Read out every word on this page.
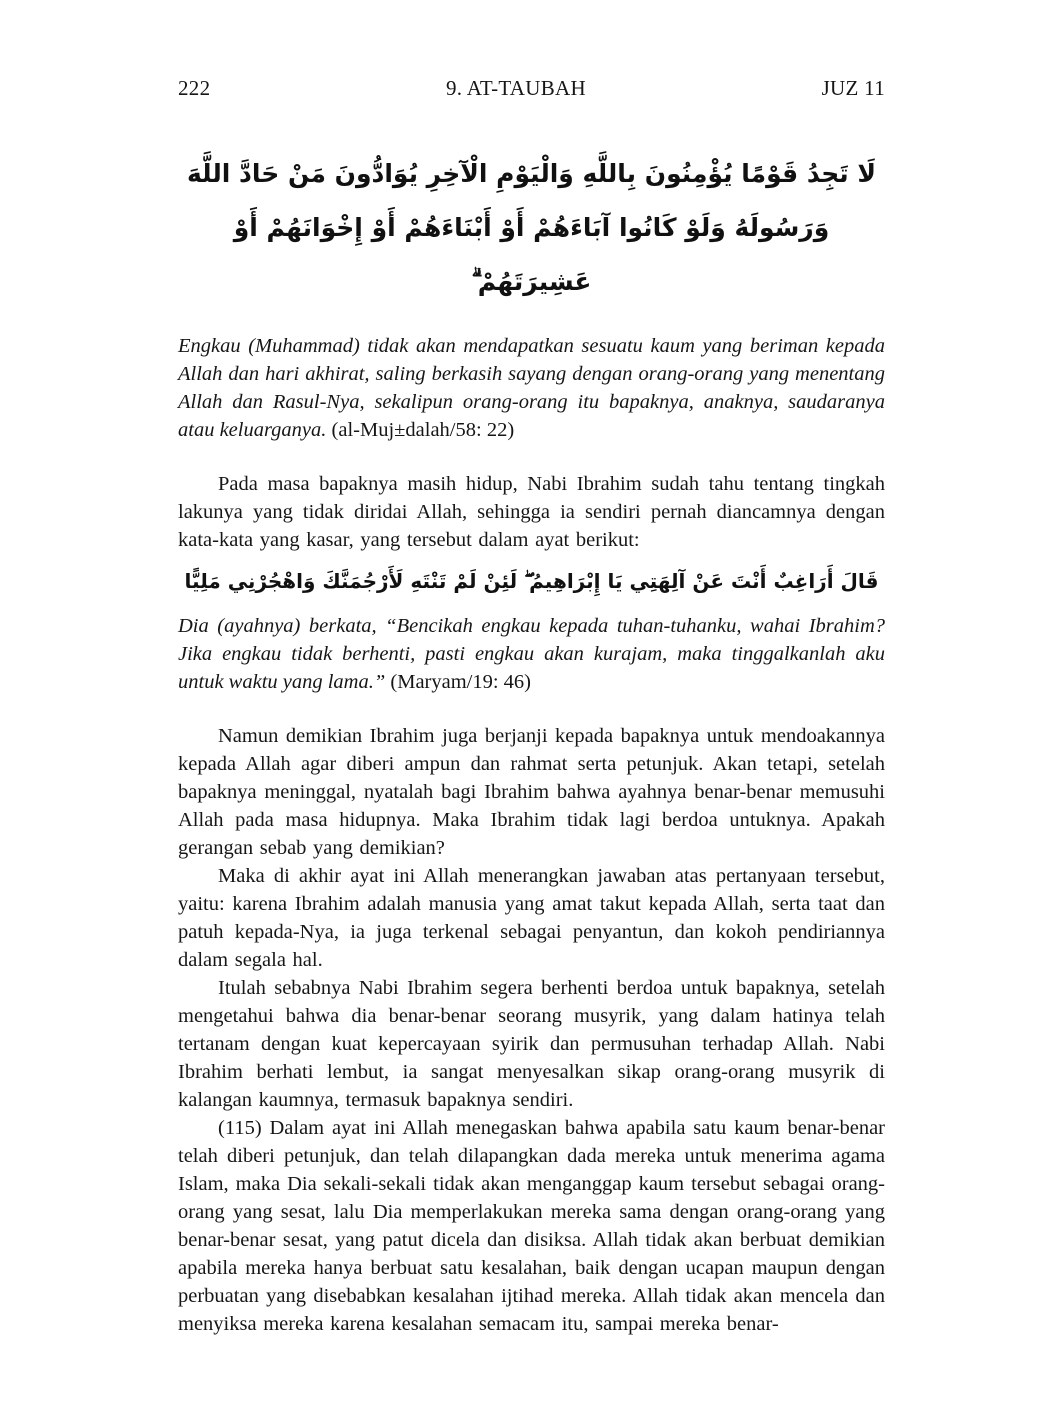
222	9. AT-TAUBAH	JUZ 11
لَا تَجِدُ قَوْمًا يُؤْمِنُونَ بِاللَّهِ وَالْيَوْمِ الْآخِرِ يُوَادُّونَ مَنْ حَادَّ اللَّهَ وَرَسُولَهُ وَلَوْ كَانُوا آبَاءَهُمْ أَوْ أَبْنَاءَهُمْ أَوْ إِخْوَانَهُمْ أَوْ عَشِيرَتَهُمْ ۗ

Engkau (Muhammad) tidak akan mendapatkan sesuatu kaum yang beriman kepada Allah dan hari akhirat, saling berkasih sayang dengan orang-orang yang menentang Allah dan Rasul-Nya, sekalipun orang-orang itu bapaknya, anaknya, saudaranya atau keluarganya. (al-Muj±dalah/58: 22)

Pada masa bapaknya masih hidup, Nabi Ibrahim sudah tahu tentang tingkah lakunya yang tidak diridai Allah, sehingga ia sendiri pernah diancamnya dengan kata-kata yang kasar, yang tersebut dalam ayat berikut:

قَالَ أَرَاغِبٌ أَنْتَ عَنْ آلِهَتِي يَا إِبْرَاهِيمُ ۖ لَئِنْ لَمْ تَنْتَهِ لَأَرْجُمَنَّكَ وَاهْجُرْنِي مَلِيًّا

Dia (ayahnya) berkata, “Bencikah engkau kepada tuhan-tuhanku, wahai Ibrahim? Jika engkau tidak berhenti, pasti engkau akan kurajam, maka tinggalkanlah aku untuk waktu yang lama.” (Maryam/19: 46)

Namun demikian Ibrahim juga berjanji kepada bapaknya untuk mendoakannya kepada Allah agar diberi ampun dan rahmat serta petunjuk. Akan tetapi, setelah bapaknya meninggal, nyatalah bagi Ibrahim bahwa ayahnya benar-benar memusuhi Allah pada masa hidupnya. Maka Ibrahim tidak lagi berdoa untuknya. Apakah gerangan sebab yang demikian?

Maka di akhir ayat ini Allah menerangkan jawaban atas pertanyaan tersebut, yaitu: karena Ibrahim adalah manusia yang amat takut kepada Allah, serta taat dan patuh kepada-Nya, ia juga terkenal sebagai penyantun, dan kokoh pendiriannya dalam segala hal.

Itulah sebabnya Nabi Ibrahim segera berhenti berdoa untuk bapaknya, setelah mengetahui bahwa dia benar-benar seorang musyrik, yang dalam hatinya telah tertanam dengan kuat kepercayaan syirik dan permusuhan terhadap Allah. Nabi Ibrahim berhati lembut, ia sangat menyesalkan sikap orang-orang musyrik di kalangan kaumnya, termasuk bapaknya sendiri.

(115) Dalam ayat ini Allah menegaskan bahwa apabila satu kaum benar-benar telah diberi petunjuk, dan telah dilapangkan dada mereka untuk menerima agama Islam, maka Dia sekali-sekali tidak akan menganggap kaum tersebut sebagai orang-orang yang sesat, lalu Dia memperlakukan mereka sama dengan orang-orang yang benar-benar sesat, yang patut dicela dan disiksa. Allah tidak akan berbuat demikian apabila mereka hanya berbuat satu kesalahan, baik dengan ucapan maupun dengan perbuatan yang disebabkan kesalahan ijtihad mereka. Allah tidak akan mencela dan menyiksa mereka karena kesalahan semacam itu, sampai mereka benar-
